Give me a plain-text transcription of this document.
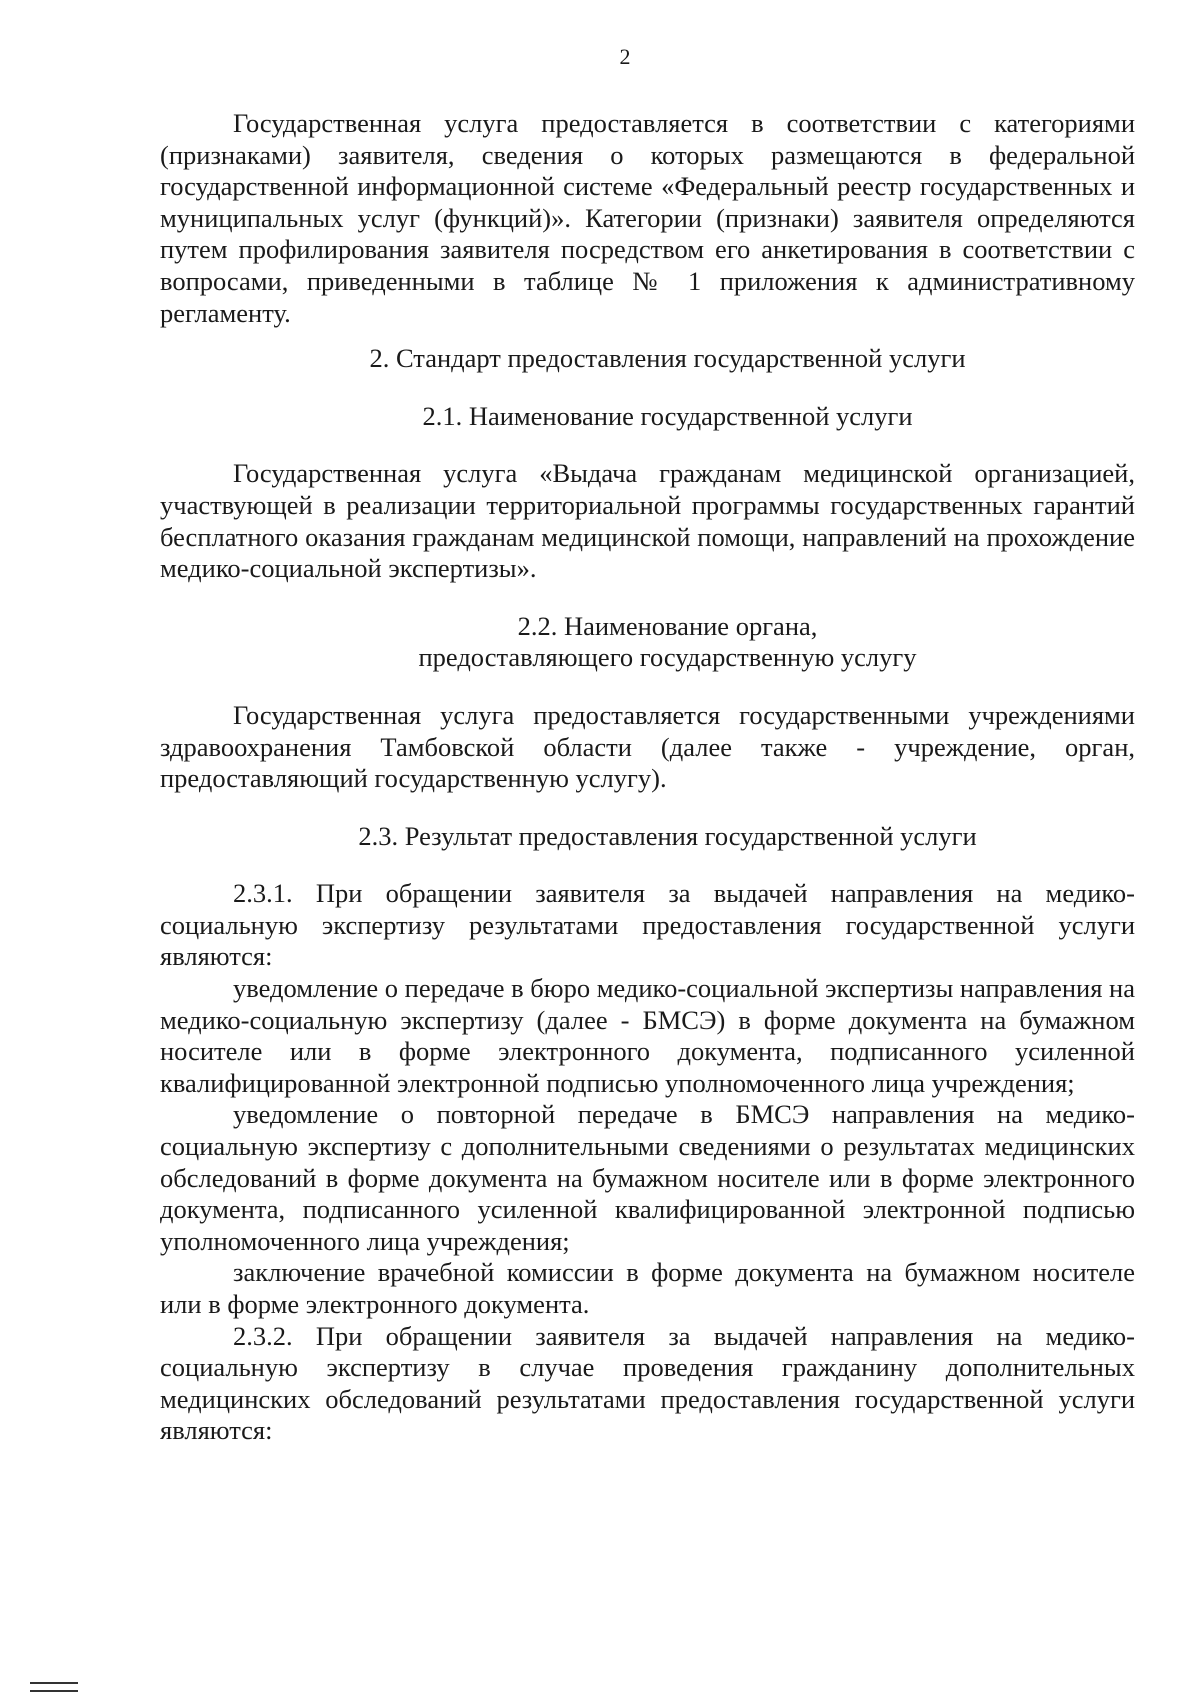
2

Государственная услуга предоставляется в соответствии с категориями (признаками) заявителя, сведения о которых размещаются в федеральной государственной информационной системе «Федеральный реестр государственных и муниципальных услуг (функций)». Категории (признаки) заявителя определяются путем профилирования заявителя посредством его анкетирования в соответствии с вопросами, приведенными в таблице № 1 приложения к административному регламенту.

2. Стандарт предоставления государственной услуги

2.1. Наименование государственной услуги

Государственная услуга «Выдача гражданам медицинской организацией, участвующей в реализации территориальной программы государственных гарантий бесплатного оказания гражданам медицинской помощи, направлений на прохождение медико-социальной экспертизы».

2.2. Наименование органа,

предоставляющего государственную услугу

Государственная услуга предоставляется государственными учреждениями здравоохранения Тамбовской области (далее также - учреждение, орган, предоставляющий государственную услугу).

2.3. Результат предоставления государственной услуги

2.3.1. При обращении заявителя за выдачей направления на медико-социальную экспертизу результатами предоставления государственной услуги являются:

уведомление о передаче в бюро медико-социальной экспертизы направления на медико-социальную экспертизу (далее - БМСЭ) в форме документа на бумажном носителе или в форме электронного документа, подписанного усиленной квалифицированной электронной подписью уполномоченного лица учреждения;

уведомление о повторной передаче в БМСЭ направления на медико-социальную экспертизу с дополнительными сведениями о результатах медицинских обследований в форме документа на бумажном носителе или в форме электронного документа, подписанного усиленной квалифицированной электронной подписью уполномоченного лица учреждения;

заключение врачебной комиссии в форме документа на бумажном носителе или в форме электронного документа.

2.3.2. При обращении заявителя за выдачей направления на медико-социальную экспертизу в случае проведения гражданину дополнительных медицинских обследований результатами предоставления государственной услуги являются:
